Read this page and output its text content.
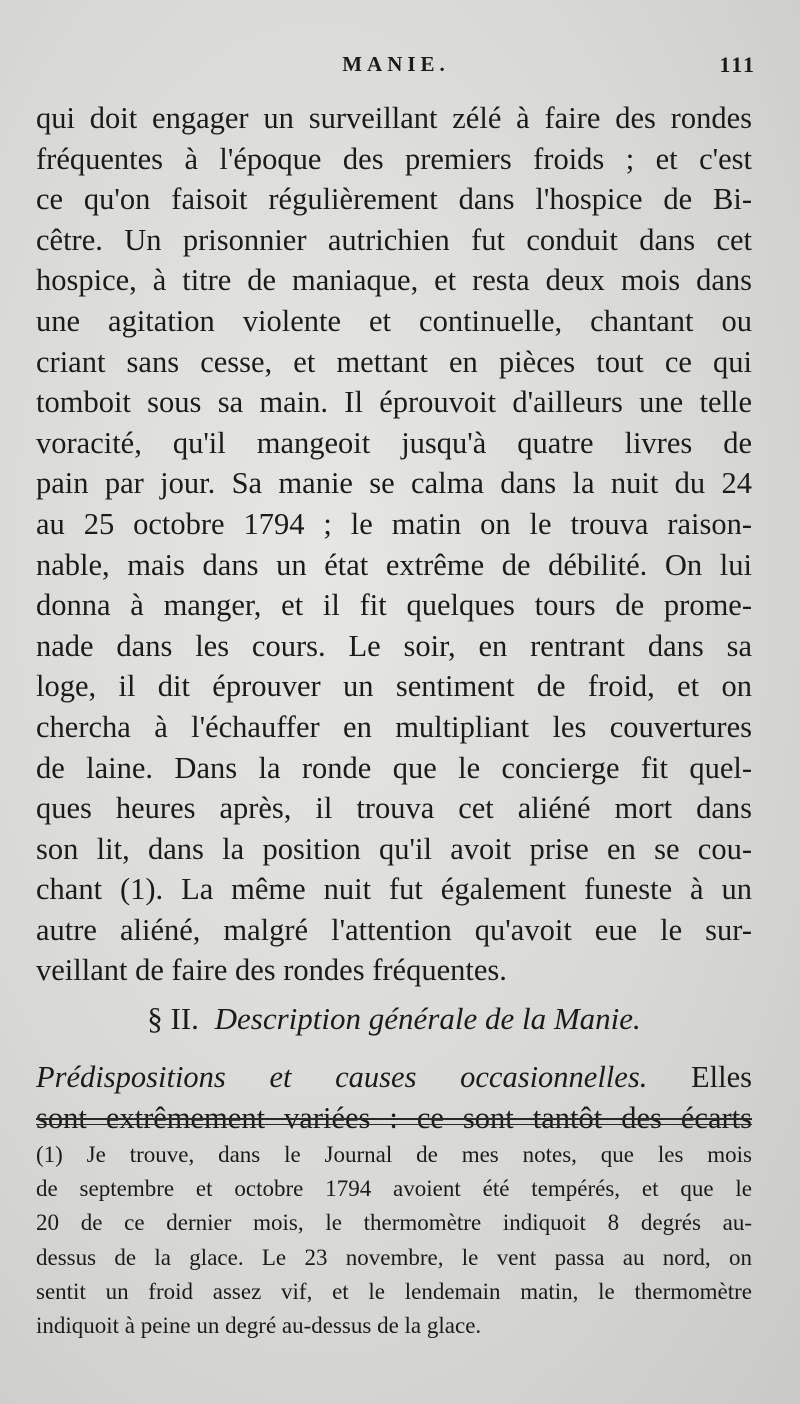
MANIE.	111
qui doit engager un surveillant zélé à faire des rondes
fréquentes à l'époque des premiers froids ; et c'est
ce qu'on faisoit régulièrement dans l'hospice de Bi-
cêtre. Un prisonnier autrichien fut conduit dans cet
hospice, à titre de maniaque, et resta deux mois dans
une agitation violente et continuelle, chantant ou
criant sans cesse, et mettant en pièces tout ce qui
tomboit sous sa main. Il éprouvoit d'ailleurs une telle
voracité, qu'il mangeoit jusqu'à quatre livres de
pain par jour. Sa manie se calma dans la nuit du 24
au 25 octobre 1794 ; le matin on le trouva raison-
nable, mais dans un état extrême de débilité. On lui
donna à manger, et il fit quelques tours de prome-
nade dans les cours. Le soir, en rentrant dans sa
loge, il dit éprouver un sentiment de froid, et on
chercha à l'échauffer en multipliant les couvertures
de laine. Dans la ronde que le concierge fit quel-
ques heures après, il trouva cet aliéné mort dans
son lit, dans la position qu'il avoit prise en se cou-
chant (1). La même nuit fut également funeste à un
autre aliéné, malgré l'attention qu'avoit eue le sur-
veillant de faire des rondes fréquentes.
§ II. Description générale de la Manie.
Prédispositions et causes occasionnelles. Elles
sont extrêmement variées : ce sont tantôt des écarts
(1) Je trouve, dans le Journal de mes notes, que les mois
de septembre et octobre 1794 avoient été tempérés, et que le
20 de ce dernier mois, le thermomètre indiquoit 8 degrés au-
dessus de la glace. Le 23 novembre, le vent passa au nord, on
sentit un froid assez vif, et le lendemain matin, le thermomètre
indiquoit à peine un degré au-dessus de la glace.
